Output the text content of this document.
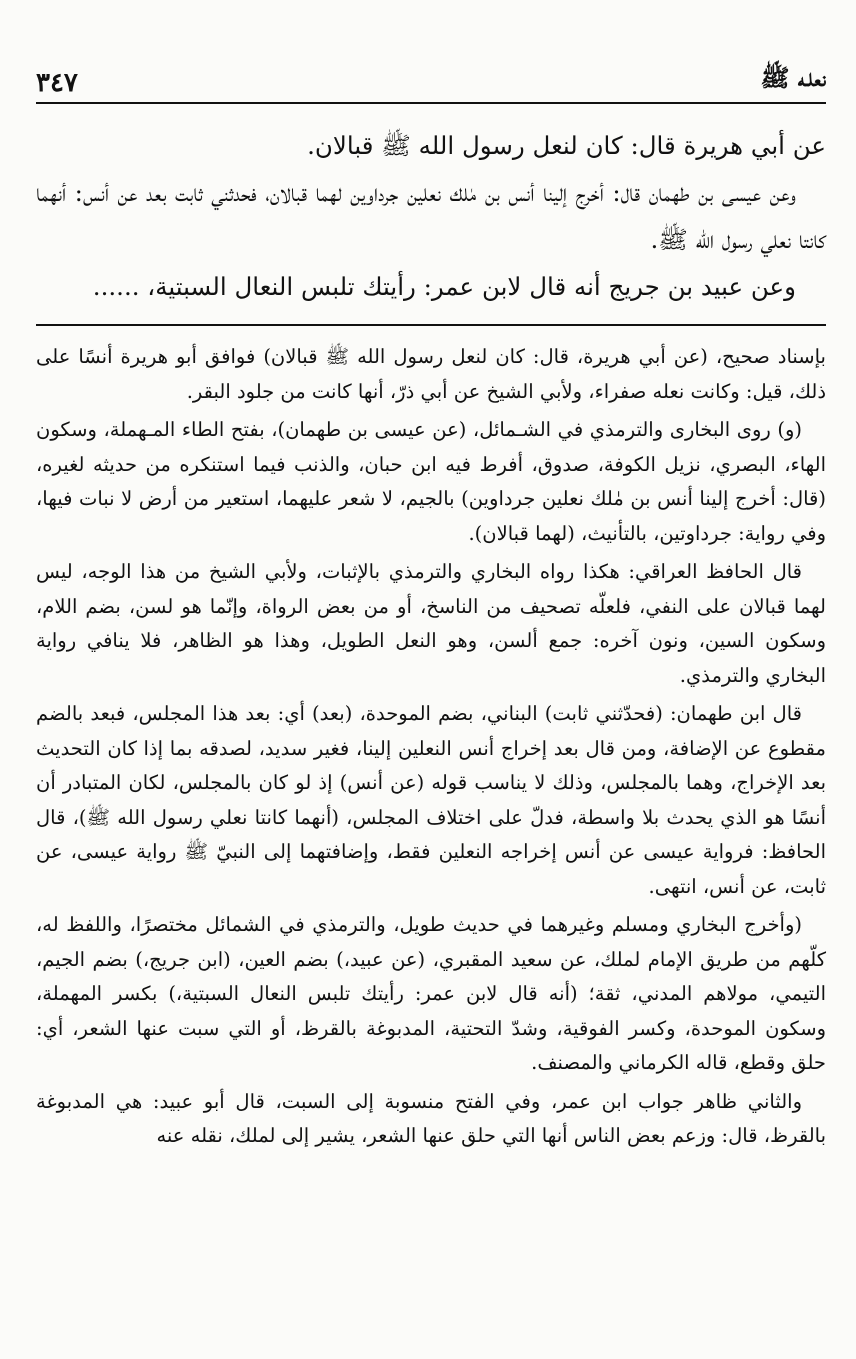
نعلـه ﷺ
٣٤٧

عن أبي هريرة قال: كان لنعل رسول الله ﷺ قبالان.

وعن عيسى بن طهمان قال: أخرج إلينا أنس بن مٰلك نعلين جرداوين لهما قبالان، فحدثني ثابت بعد عن أنس: أنهما كانتا نعلي رسول الله ﷺ.

وعن عبيد بن جريج أنه قال لابن عمر: رأيتك تلبس النعال السبتية، ......

بإسناد صحيح، (عن أبي هريرة، قال: كان لنعل رسول الله ﷺ قبالان) فوافق أبو هريرة أنسًا على ذلك، قيل: وكانت نعله صفراء، ولأبي الشيخ عن أبي ذرّ، أنها كانت من جلود البقر.

(و) روى البخارى والترمذي في الشـمائل، (عن عيسى بن طهمان)، بفتح الطاء المـهملة، وسكون الهاء، البصري، نزيل الكوفة، صدوق، أفرط فيه ابن حبان، والذنب فيما استنكره من حديثه لغيره، (قال: أخرج إلينا أنس بن مٰلك نعلين جرداوين) بالجيم، لا شعر عليهما، استعير من أرض لا نبات فيها، وفي رواية: جرداوتين، بالتأنيث، (لهما قبالان).

قال الحافظ العراقي: هكذا رواه البخاري والترمذي بالإثبات، ولأبي الشيخ من هذا الوجه، ليس لهما قبالان على النفي، فلعلّه تصحيف من الناسخ، أو من بعض الرواة، وإنّما هو لسن، بضم اللام، وسكون السين، ونون آخره: جمع ألسن، وهو النعل الطويل، وهذا هو الظاهر، فلا ينافي رواية البخاري والترمذي.

قال ابن طهمان: (فحدّثني ثابت) البناني، بضم الموحدة، (بعد) أي: بعد هذا المجلس، فبعد بالضم مقطوع عن الإضافة، ومن قال بعد إخراج أنس النعلين إلينا، فغير سديد، لصدقه بما إذا كان التحديث بعد الإخراج، وهما بالمجلس، وذلك لا يناسب قوله (عن أنس) إذ لو كان بالمجلس، لكان المتبادر أن أنسًا هو الذي يحدث بلا واسطة، فدلّ على اختلاف المجلس، (أنهما كانتا نعلي رسول الله ﷺ)، قال الحافظ: فرواية عيسى عن أنس إخراجه النعلين فقط، وإضافتهما إلى النبيّ ﷺ رواية عيسى، عن ثابت، عن أنس، انتهى.

(وأخرج البخاري ومسلم وغيرهما في حديث طويل، والترمذي في الشمائل مختصرًا، واللفظ له، كلّهم من طريق الإمام لملك، عن سعيد المقبري، (عن عبيد،) بضم العين، (ابن جريج،) بضم الجيم، التيمي، مولاهم المدني، ثقة؛ (أنه قال لابن عمر: رأيتك تلبس النعال السبتية،) بكسر المهملة، وسكون الموحدة، وكسر الفوقية، وشدّ التحتية، المدبوغة بالقرظ، أو التي سبت عنها الشعر، أي: حلق وقطع، قاله الكرماني والمصنف.

والثاني ظاهر جواب ابن عمر، وفي الفتح منسوبة إلى السبت، قال أبو عبيد: هي المدبوغة بالقرظ، قال: وزعم بعض الناس أنها التي حلق عنها الشعر، يشير إلى لملك، نقله عنه
